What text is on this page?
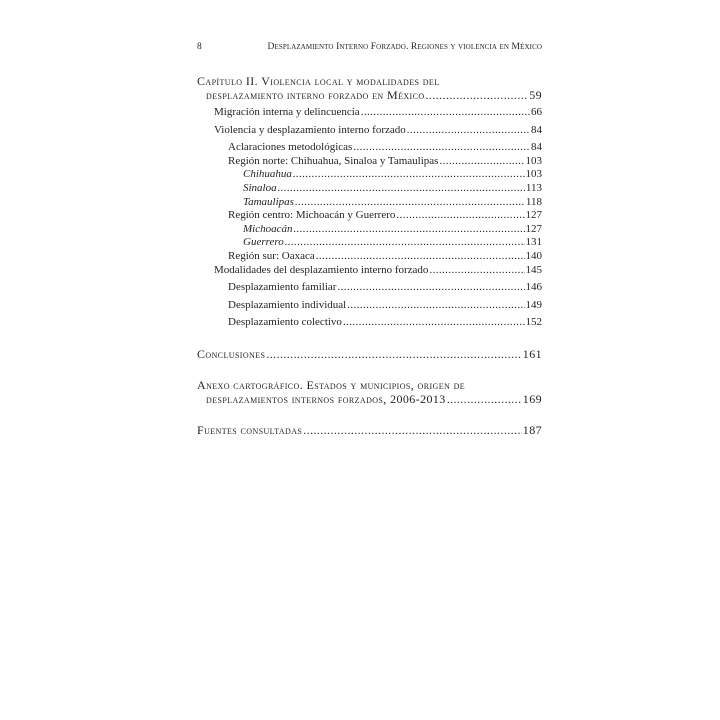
8	Desplazamiento Interno Forzado. Regiones y violencia en México
Capítulo II. Violencia local y modalidades del
desplazamiento interno forzado en México .....	59
Migración interna y delincuencia .....	66
Violencia y desplazamiento interno forzado .....	84
Aclaraciones metodológicas .....	84
Región norte: Chihuahua, Sinaloa y Tamaulipas .....	103
Chihuahua .....	103
Sinaloa .....	113
Tamaulipas .....	118
Región centro: Michoacán y Guerrero .....	127
Michoacán .....	127
Guerrero .....	131
Región sur: Oaxaca .....	140
Modalidades del desplazamiento interno forzado .....	145
Desplazamiento familiar .....	146
Desplazamiento individual .....	149
Desplazamiento colectivo .....	152
Conclusiones .....	161
Anexo cartográfico. Estados y municipios, origen de
desplazamientos internos forzados, 2006-2013 .....	169
Fuentes consultadas .....	187
